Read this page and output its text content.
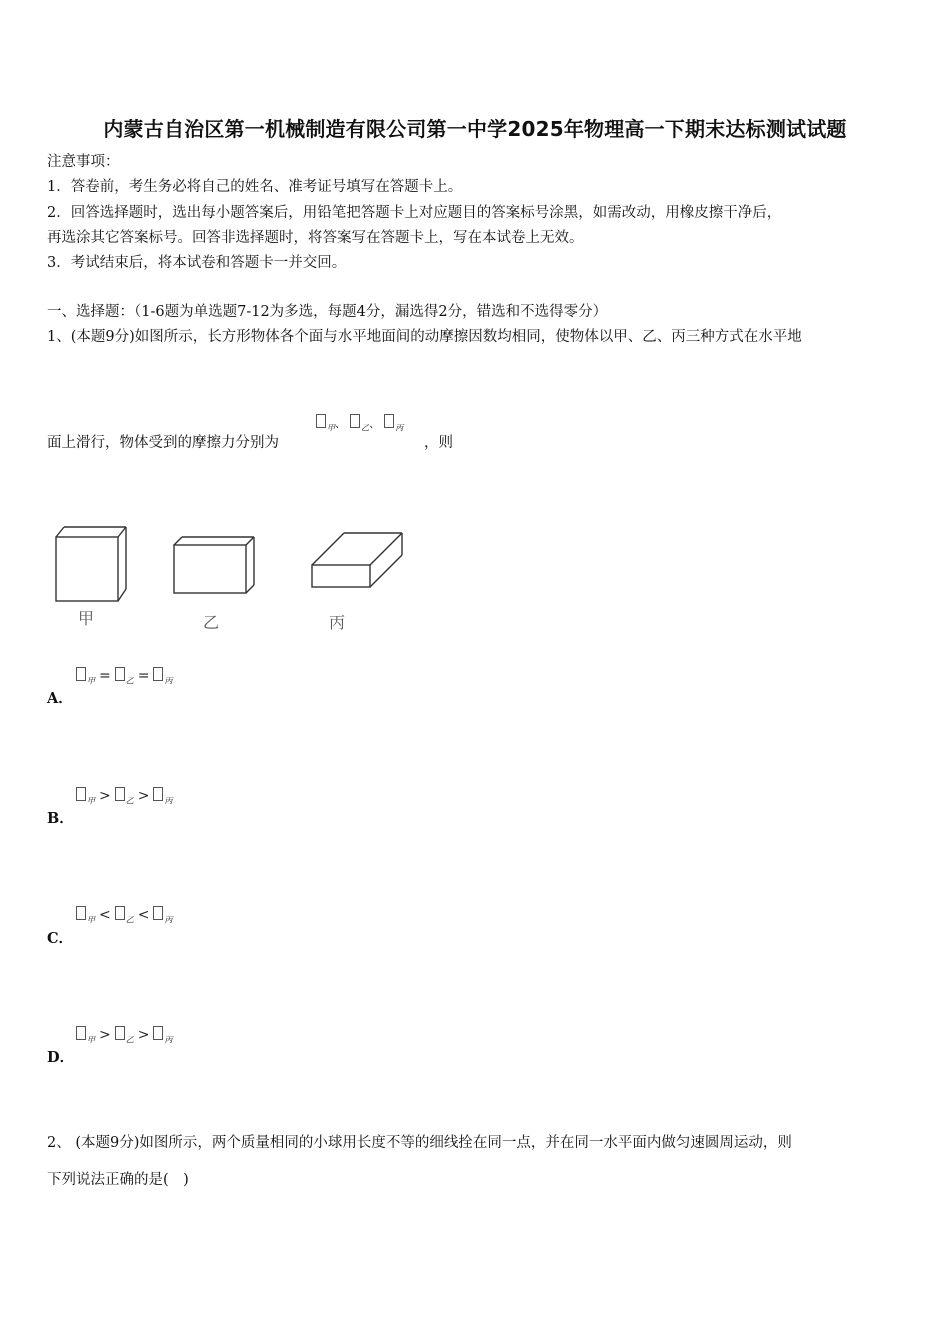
内蒙古自治区第一机械制造有限公司第一中学2025年物理高一下期末达标测试试题
注意事项：
1．答卷前，考生务必将自己的姓名、准考证号填写在答题卡上。
2．回答选择题时，选出每小题答案后，用铅笔把答题卡上对应题目的答案标号涂黑，如需改动，用橡皮擦干净后，
再选涂其它答案标号。回答非选择题时，将答案写在答题卡上，写在本试卷上无效。
3．考试结束后，将本试卷和答题卡一并交回。
一、选择题：（1-6题为单选题7-12为多选，每题4分，漏选得2分，错选和不选得零分）
1、(本题9分)如图所示，长方形物体各个面与水平地面间的动摩擦因数均相同，使物体以甲、乙、丙三种方式在水平地
面上滑行，物体受到的摩擦力分别为
$_甲$、 $_乙$、 $_丙$
，则
甲	乙	丙
$_甲$ = $_乙$ = $_丙$
A．
$_甲$ > $_乙$ > $_丙$
B．
$_甲$ < $_乙$ < $_丙$
C．
$_甲$ > $_乙$ > $_丙$
D．
2、 (本题9分)如图所示，两个质量相同的小球用长度不等的细线拴在同一点，并在同一水平面内做匀速圆周运动，则
下列说法正确的是(　)
